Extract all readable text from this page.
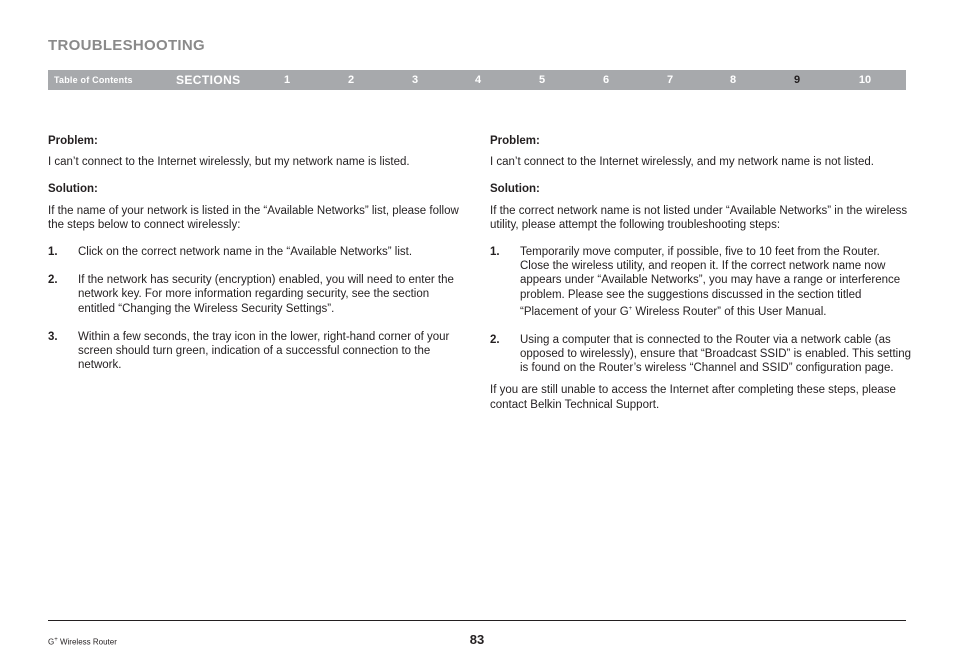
TROUBLESHOOTING
Table of Contents	SECTIONS	1	2	3	4	5	6	7	8	9	10
Problem:
I can’t connect to the Internet wirelessly, but my network name is listed.
Solution:
If the name of your network is listed in the “Available Networks” list, please follow the steps below to connect wirelessly:
1.	Click on the correct network name in the “Available Networks” list.
2.	If the network has security (encryption) enabled, you will need to enter the network key. For more information regarding security, see the section entitled “Changing the Wireless Security Settings”.
3.	Within a few seconds, the tray icon in the lower, right-hand corner of your screen should turn green, indication of a successful connection to the network.
Problem:
I can’t connect to the Internet wirelessly, and my network name is not listed.
Solution:
If the correct network name is not listed under “Available Networks” in the wireless utility, please attempt the following troubleshooting steps:
1.	Temporarily move computer, if possible, five to 10 feet from the Router. Close the wireless utility, and reopen it. If the correct network name now appears under “Available Networks”, you may have a range or interference problem. Please see the suggestions discussed in the section titled “Placement of your G+ Wireless Router” of this User Manual.
2.	Using a computer that is connected to the Router via a network cable (as opposed to wirelessly), ensure that “Broadcast SSID” is enabled. This setting is found on the Router’s wireless “Channel and SSID” configuration page.
If you are still unable to access the Internet after completing these steps, please contact Belkin Technical Support.
G+ Wireless Router	83
